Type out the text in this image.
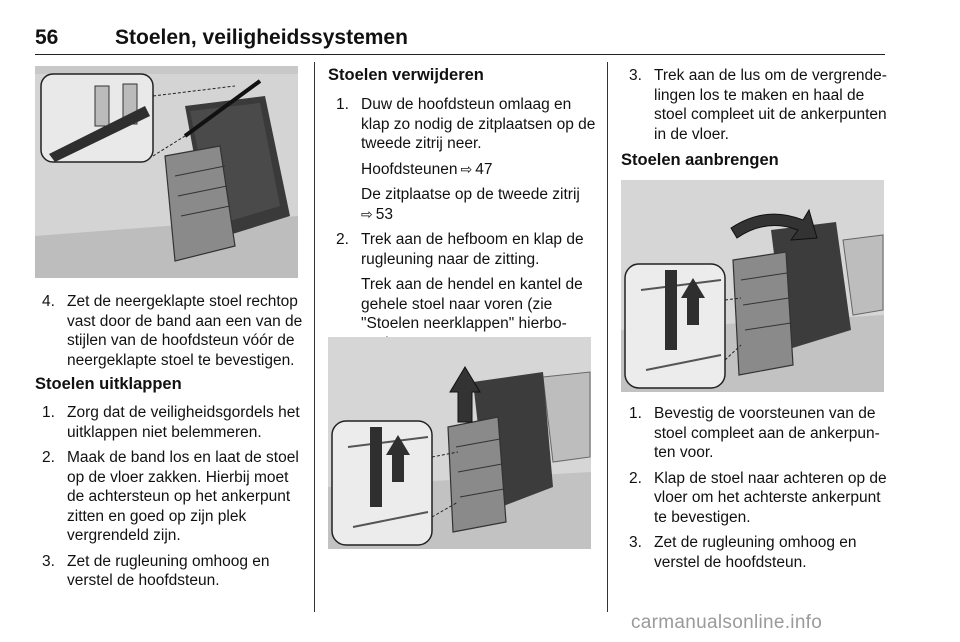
56	Stoelen, veiligheidssystemen
4. Zet de neergeklapte stoel rechtop
vast door de band aan een van de
stijlen van de hoofdsteun vóór de
neergeklapte stoel te bevestigen.
Stoelen uitklappen
1. Zorg dat de veiligheidsgordels het
uitklappen niet belemmeren.
2. Maak de band los en laat de stoel
op de vloer zakken. Hierbij moet
de achtersteun op het ankerpunt
zitten en goed op zijn plek
vergrendeld zijn.
3. Zet de rugleuning omhoog en
verstel de hoofdsteun.
Stoelen verwijderen
1. Duw de hoofdsteun omlaag en
klap zo nodig de zitplaatsen op de
tweede zitrij neer.
Hoofdsteunen ⇨ 47
De zitplaatse op de tweede zitrij
⇨ 53
2. Trek aan de hefboom en klap de
rugleuning naar de zitting.
Trek aan de hendel en kantel de
gehele stoel naar voren (zie
"Stoelen neerklappen" hierbo-
3. Trek aan de lus om de vergrende-
lingen los te maken en haal de
stoel compleet uit de ankerpunten
in de vloer.
Stoelen aanbrengen
1. Bevestig de voorsteunen van de
stoel compleet aan de ankerpun-
ten voor.
2. Klap de stoel naar achteren op de
vloer om het achterste ankerpunt
te bevestigen.
3. Zet de rugleuning omhoog en
verstel de hoofdsteun.
carmanualsonline.info
